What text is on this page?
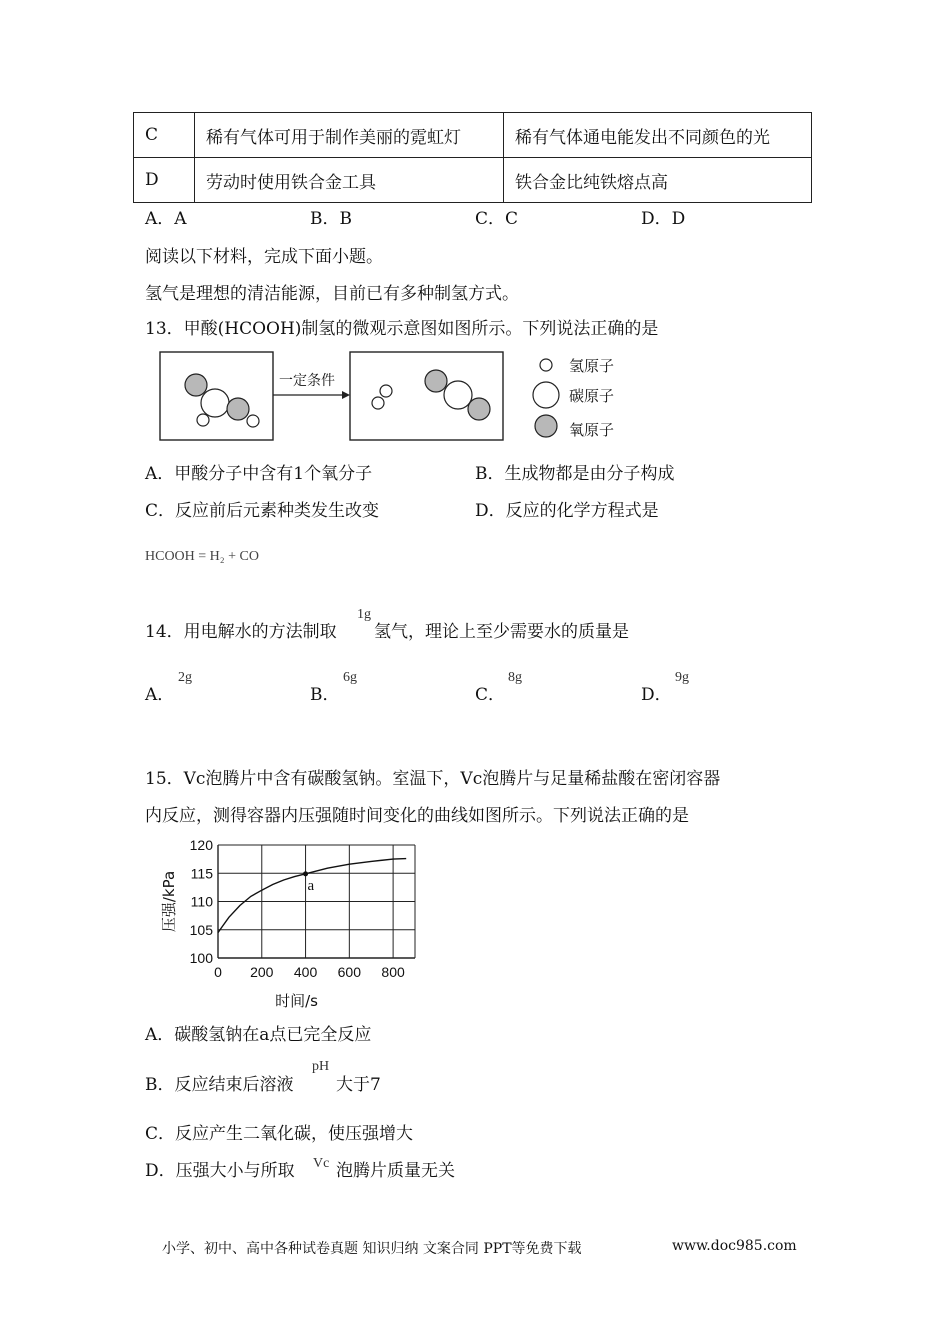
C	稀有气体可用于制作美丽的霓虹灯	稀有气体通电能发出不同颜色的光
D	劳动时使用铁合金工具	铁合金比纯铁熔点高
A．A	B．B	C．C	D．D
阅读以下材料，完成下面小题。
氢气是理想的清洁能源，目前已有多种制氢方式。
13．甲酸(HCOOH)制氢的微观示意图如图所示。下列说法正确的是
一定条件
氢原子
碳原子
氧原子
A．甲酸分子中含有1个氧分子	B．生成物都是由分子构成
C．反应前后元素种类发生改变	D．反应的化学方程式是
HCOOH = H₂ + CO
14．用电解水的方法制取
1g
氢气，理论上至少需要水的质量是
A．
2g
B．
6g
C．
8g
D．
9g
15．Vc泡腾片中含有碳酸氢钠。室温下，Vc泡腾片与足量稀盐酸在密闭容器
内反应，测得容器内压强随时间变化的曲线如图所示。下列说法正确的是
0 200 400 600 800
100
105
110
115
120
a
压强/kPa
时间/s
A．碳酸氢钠在a点已完全反应
B．反应结束后溶液
pH
大于7
C．反应产生二氧化碳，使压强增大
D．压强大小与所取 Vc 泡腾片质量无关
小学、初中、高中各种试卷真题 知识归纳 文案合同 PPT等免费下载	www.doc985.com
